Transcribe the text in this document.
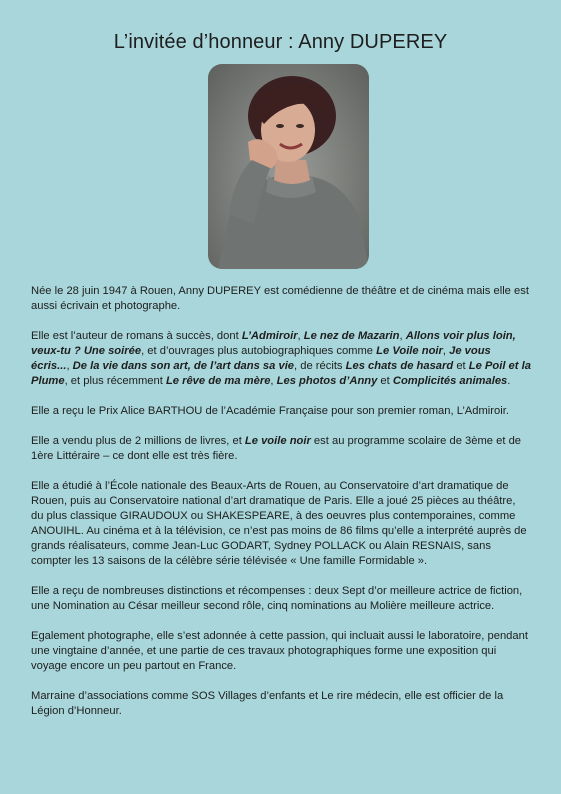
L’invitée d’honneur : Anny DUPEREY

Née le 28 juin 1947 à Rouen, Anny DUPEREY est comédienne de théâtre et de cinéma mais elle est aussi écrivain et photographe.

Elle est l’auteur de romans à succès, dont L’Admiroir, Le nez de Mazarin, Allons voir plus loin, veux-tu ? Une soirée, et d’ouvrages plus autobiographiques comme Le Voile noir, Je vous écris..., De la vie dans son art, de l’art dans sa vie, de récits Les chats de hasard et Le Poil et la Plume, et plus récemment Le rêve de ma mère, Les photos d’Anny et Complicités animales.

Elle a reçu le Prix Alice BARTHOU de l’Académie Française pour son premier roman, L’Admiroir.

Elle a vendu plus de 2 millions de livres, et Le voile noir est au programme scolaire de 3ème et de 1ère Littéraire – ce dont elle est très fière.

Elle a étudié à l’École nationale des Beaux-Arts de Rouen, au Conservatoire d’art dramatique de Rouen, puis au Conservatoire national d’art dramatique de Paris. Elle a joué 25 pièces au théâtre, du plus classique GIRAUDOUX ou SHAKESPEARE, à des oeuvres plus contemporaines, comme ANOUIHL. Au cinéma et à la télévision, ce n’est pas moins de 86 films qu’elle a interprété auprès de grands réalisateurs, comme Jean-Luc GODART, Sydney POLLACK ou Alain RESNAIS, sans compter les 13 saisons de la célèbre série télévisée « Une famille Formidable ».

Elle a reçu de nombreuses distinctions et récompenses : deux Sept d’or meilleure actrice de fiction, une Nomination au César meilleur second rôle, cinq nominations au Molière meilleure actrice.

Egalement photographe, elle s’est adonnée à cette passion, qui incluait aussi le laboratoire, pendant une vingtaine d’année, et une partie de ces travaux photographiques forme une exposition qui voyage encore un peu partout en France.

Marraine d’associations comme SOS Villages d’enfants et Le rire médecin, elle est officier de la Légion d’Honneur.
